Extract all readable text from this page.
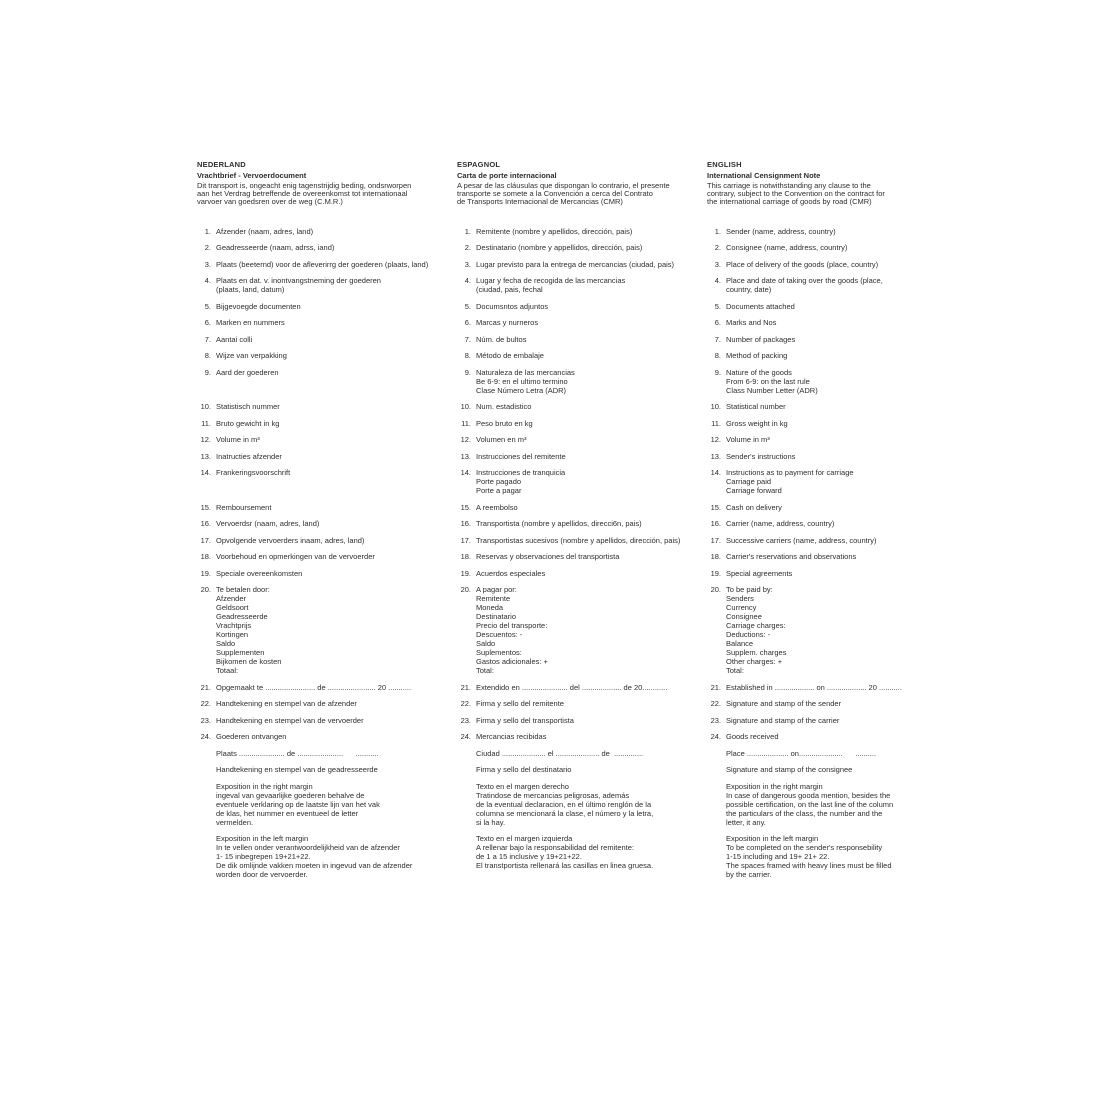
NEDERLAND
Vrachtbrief - Vervoerdocument
Dit transport is, ongeacht enig tagenstrijdig beding, ondsrworpen
aan het Verdrag betreffende de overeenkomst tot internationaal
varvoer van goedsren over de weg (C.M.R.)
1. Afzender (naam, adres, land)
2. Geadresseerde (naam, adrss, iand)
3. Plaats (beeternd) voor de afleverirrg der goederen (plaats, land)
4. Plaats en dat. v. inontvangstneming der goederen
(plaats, land, datum)
5. Bijgevoegde documenten
6. Marken en nummers
7. Aantai colli
8. Wijze van verpakking
9. Aard der goederen
10. Statistisch nummer
11. Bruto gewicht in kg
12. Volume in m³
13. Inatructies afzender
14. Frankeringsvoorschrift
15. Remboursement
16. Vervoerdsr (naam, adres, land)
17. Opvolgende vervoerders inaam, adres, land)
18. Voorbehoud en opmerkingen van de vervoerder
19. Speciale overeenkomsten
20. Te betalen door:
Afzender
Geldsoort
Geadresseerde
Vrachtprijs
Kortingen
Saldo
Supplementen
Bijkomen de kosten
Totaal:
21. Opgemaakt te ........................ de ....................... 20 ...........
22. Handtekening en stempel van de afzender
23. Handtekening en stempel van de vervoerder
24. Goederen ontvangen
Plaats ...................... de ......................      ...........
Handtekening en stempel van de geadresseerde
Exposition in the right margin
ingeval van gevaarlijke goederen behalve de
eventuele verklaring op de laatste lijn van het vak
de klas, het nummer en eventueel de letter
vermelden.
Exposition in the left margin
In te vellen onder verantwoordelijkheid van de afzender
1- 15 inbegrepen 19+21+22.
De dik omlijnde vakken moeten in ingevud van de afzender
worden door de vervoerder.
ESPAGNOL
Carta de porte internacional
A pesar de las cláusulas que dispongan lo contrario, el presente
transporte se somete a la Convención a cerca del Contrato
de Transports Internacional de Mercancias (CMR)
1. Remitente (nombre y apellidos, dirección, pais)
2. Destinatario (nombre y appellidos, dirección, pais)
3. Lugar previsto para la entrega de mercancias (ciudad, pais)
4. Lugar y fecha de recogida de las mercancias
(ciudad, pais, fechal
5. Documsntos adjuntos
6. Marcas y nurneros
7. Núm. de bultos
8. Método de embalaje
9. Naturaleza de las mercancias
Be 6-9: en el ultimo termino
Clase Número Letra (ADR)
10. Num. estadistico
11. Peso bruto en kg
12. Volumen en m³
13. Instrucciones del remitente
14. Instrucciones de tranquicia
Porte pagado
Porte a pagar
15. A reembolso
16. Transportista (nombre y apellidos, direcci6n, pais)
17. Transportistas sucesivos (nombre y apellidos, dirección, pais)
18. Reservas y observaciones del transportista
19. Acuerdos especiales
20. A pagar por:
Remitente
Moneda
Destinatario
Precio del transporte:
Descuentos: -
Saldo
Suplementos:
Gastos adicionales: +
Total:
21. Extendido en ...................... del ................... de 20............
22. Firma y sello del remitente
23. Firma y sello del transportista
24. Mercancias recibidas
Ciudad ..................... el ..................... de  ..............
Firma y sello del destinatario
Texto en el margen derecho
Tratindose de mercancias peligrosas, además
de la eventual declaracion, en el último renglón de la
columna se mencionará la clase, el número y la letra,
si la hay.
Texto en el margen izquierda
A rellenar bajo la responsabilidad del remitente:
de 1 a 15 inclusive y 19+21+22.
El transtportista rellenará las casillas en linea gruesa.
ENGLISH
International Censignment Note
This carriage is notwithstanding any clause to the
contrary, subject to the Convention on the contract for
the international carriage of goods by road (CMR)
1. Sender (name, address, country)
2. Consignee (name, address, country)
3. Place of delivery of the goods (place, country)
4. Place and date of taking over the goods (place,
country, date)
5. Documents attached
6. Marks and Nos
7. Number of packages
8. Method of packing
9. Nature of the goods
From 6-9: on the last rule
Class Number Letter (ADR)
10. Statistical number
11. Gross weight in kg
12. Volume in m³
13. Sender's instructions
14. Instructions as to payment for carriage
Carriage paid
Carriage forward
15. Cash on delivery
16. Carrier (name, address, country)
17. Successive carriers (name, address, country)
18. Carrier's reservations and observations
19. Special agreements
20. To be paid by:
Senders
Currency
Consignee
Carriage charges:
Deductions: -
Balance
Supplem. charges
Other charges: +
Total:
21. Established in ................... on ................... 20 ...........
22. Signature and stamp of the sender
23. Signature and stamp of the carrier
24. Goods received
Place .................... on.....................      ..........
Signature and stamp of the consignee
Exposition in the right margin
In case of dangerous gooda mention, besides the
possible certification, on the last line of the column
the particulars of the class, the number and the
letter, it any.
Exposition in the left margin
To be completed on the sender's responsebility
1-15 including and 19+ 21+ 22.
The spaces framed with heavy lines must be filled
by the carrier.
